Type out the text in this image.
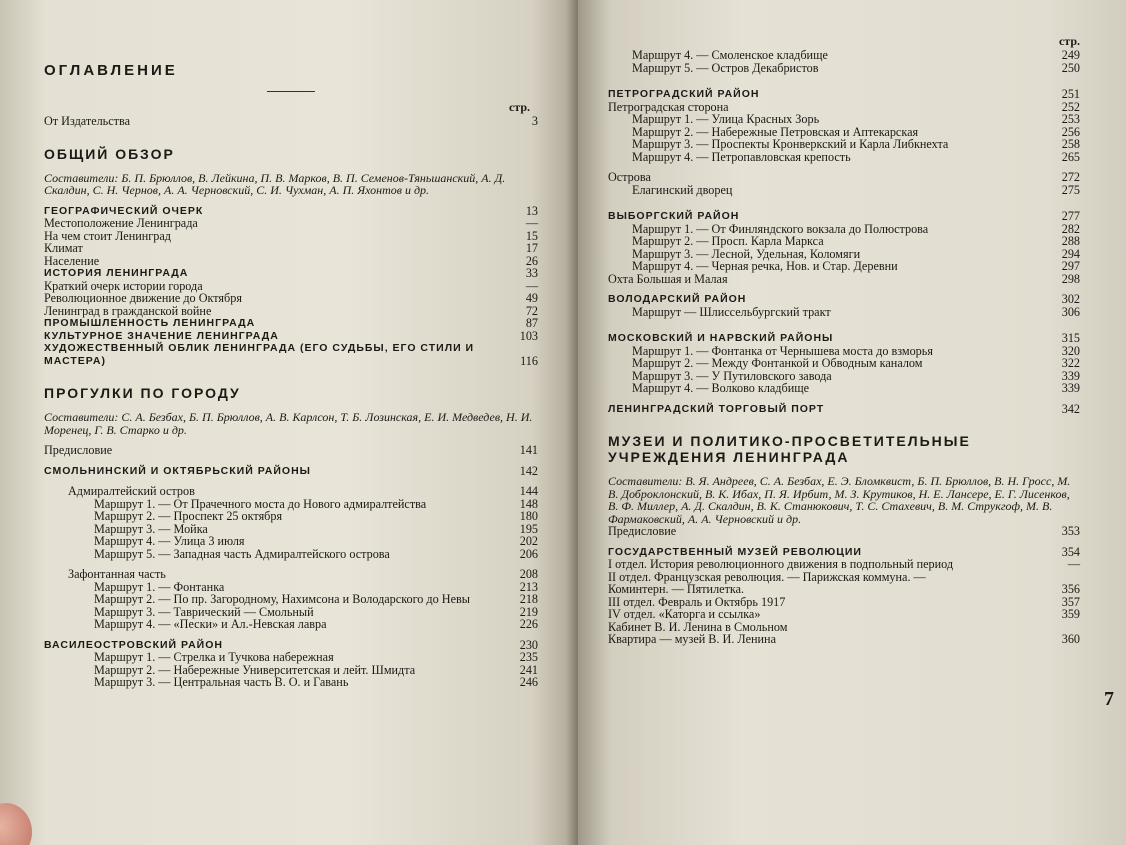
ОГЛАВЛЕНИЕ
стр.
От Издательства	3
ОБЩИЙ ОБЗОР
Составители: Б. П. Брюллов, В. Лейкина, П. В. Марков, В. П. Семенов-Тяньшанский, А. Д. Скалдин, С. Н. Чернов, А. А. Черновский, С. И. Чухман, А. П. Яхонтов и др.
ГЕОГРАФИЧЕСКИЙ ОЧЕРК	13
Местоположение Ленинграда	—
На чем стоит Ленинград	15
Климат	17
Население	26
ИСТОРИЯ ЛЕНИНГРАДА	33
Краткий очерк истории города	—
Революционное движение до Октября	49
Ленинград в гражданской войне	72
ПРОМЫШЛЕННОСТЬ ЛЕНИНГРАДА	87
КУЛЬТУРНОЕ ЗНАЧЕНИЕ ЛЕНИНГРАДА	103
ХУДОЖЕСТВЕННЫЙ ОБЛИК ЛЕНИНГРАДА (ЕГО СУДЬБЫ, ЕГО СТИЛИ И МАСТЕРА)	116
ПРОГУЛКИ ПО ГОРОДУ
Составители: С. А. Безбах, Б. П. Брюллов, А. В. Карлсон, Т. Б. Лозинская, Е. И. Медведев, Н. И. Моренец, Г. В. Старко и др.
Предисловие	141
СМОЛЬНИНСКИЙ И ОКТЯБРЬСКИЙ РАЙОНЫ	142
Адмиралтейский остров	144
Маршрут 1. — От Прачечного моста до Нового адмиралтейства	148
Маршрут 2. — Проспект 25 октября	180
Маршрут 3. — Мойка	195
Маршрут 4. — Улица 3 июля	202
Маршрут 5. — Западная часть Адмиралтейского острова	206
Зафонтанная часть	208
Маршрут 1. — Фонтанка	213
Маршрут 2. — По пр. Загородному, Нахимсона и Володарского до Невы	218
Маршрут 3. — Таврический — Смольный	219
Маршрут 4. — «Пески» и Ал.-Невская лавра	226
ВАСИЛЕОСТРОВСКИЙ РАЙОН	230
Маршрут 1. — Стрелка и Тучкова набережная	235
Маршрут 2. — Набережные Университетская и лейт. Шмидта	241
Маршрут 3. — Центральная часть В. О. и Гавань	246
стр.
Маршрут 4. — Смоленское кладбище	249
Маршрут 5. — Остров Декабристов	250
ПЕТРОГРАДСКИЙ РАЙОН	251
Петроградская сторона	252
Маршрут 1. — Улица Красных Зорь	253
Маршрут 2. — Набережные Петровская и Аптекарская	256
Маршрут 3. — Проспекты Кронверкский и Карла Либкнехта	258
Маршрут 4. — Петропавловская крепость	265
Острова	272
Елагинский дворец	275
ВЫБОРГСКИЙ РАЙОН	277
Маршрут 1. — От Финляндского вокзала до Полюстрова	282
Маршрут 2. — Просп. Карла Маркса	288
Маршрут 3. — Лесной, Удельная, Коломяги	294
Маршрут 4. — Черная речка, Нов. и Стар. Деревни	297
Охта Большая и Малая	298
ВОЛОДАРСКИЙ РАЙОН	302
Маршрут — Шлиссельбургский тракт	306
МОСКОВСКИЙ И НАРВСКИЙ РАЙОНЫ	315
Маршрут 1. — Фонтанка от Чернышева моста до взморья	320
Маршрут 2. — Между Фонтанкой и Обводным каналом	322
Маршрут 3. — У Путиловского завода	339
Маршрут 4. — Волково кладбище	339
ЛЕНИНГРАДСКИЙ ТОРГОВЫЙ ПОРТ	342
МУЗЕИ И ПОЛИТИКО-ПРОСВЕТИТЕЛЬНЫЕ УЧРЕЖДЕНИЯ ЛЕНИНГРАДА
Составители: В. Я. Андреев, С. А. Безбах, Е. Э. Бломквист, Б. П. Брюллов, В. Н. Гросс, М. В. Доброклонский, В. К. Ибах, П. Я. Ирбит, М. З. Крутиков, Н. Е. Лансере, Е. Г. Лисенков, В. Ф. Миллер, А. Д. Скалдин, В. К. Станюкович, Т. С. Стахевич, В. М. Струкгоф, М. В. Фармаковский, А. А. Черновский и др.
Предисловие	353
ГОСУДАРСТВЕННЫЙ МУЗЕЙ РЕВОЛЮЦИИ	354
I отдел. История революционного движения в подпольный период	—
II отдел. Французская революция. — Парижская коммуна. —
Коминтерн. — Пятилетка.	356
III отдел. Февраль и Октябрь 1917	357
IV отдел. «Каторга и ссылка»	359
Кабинет В. И. Ленина в Смольном
Квартира — музей В. И. Ленина	360
7
